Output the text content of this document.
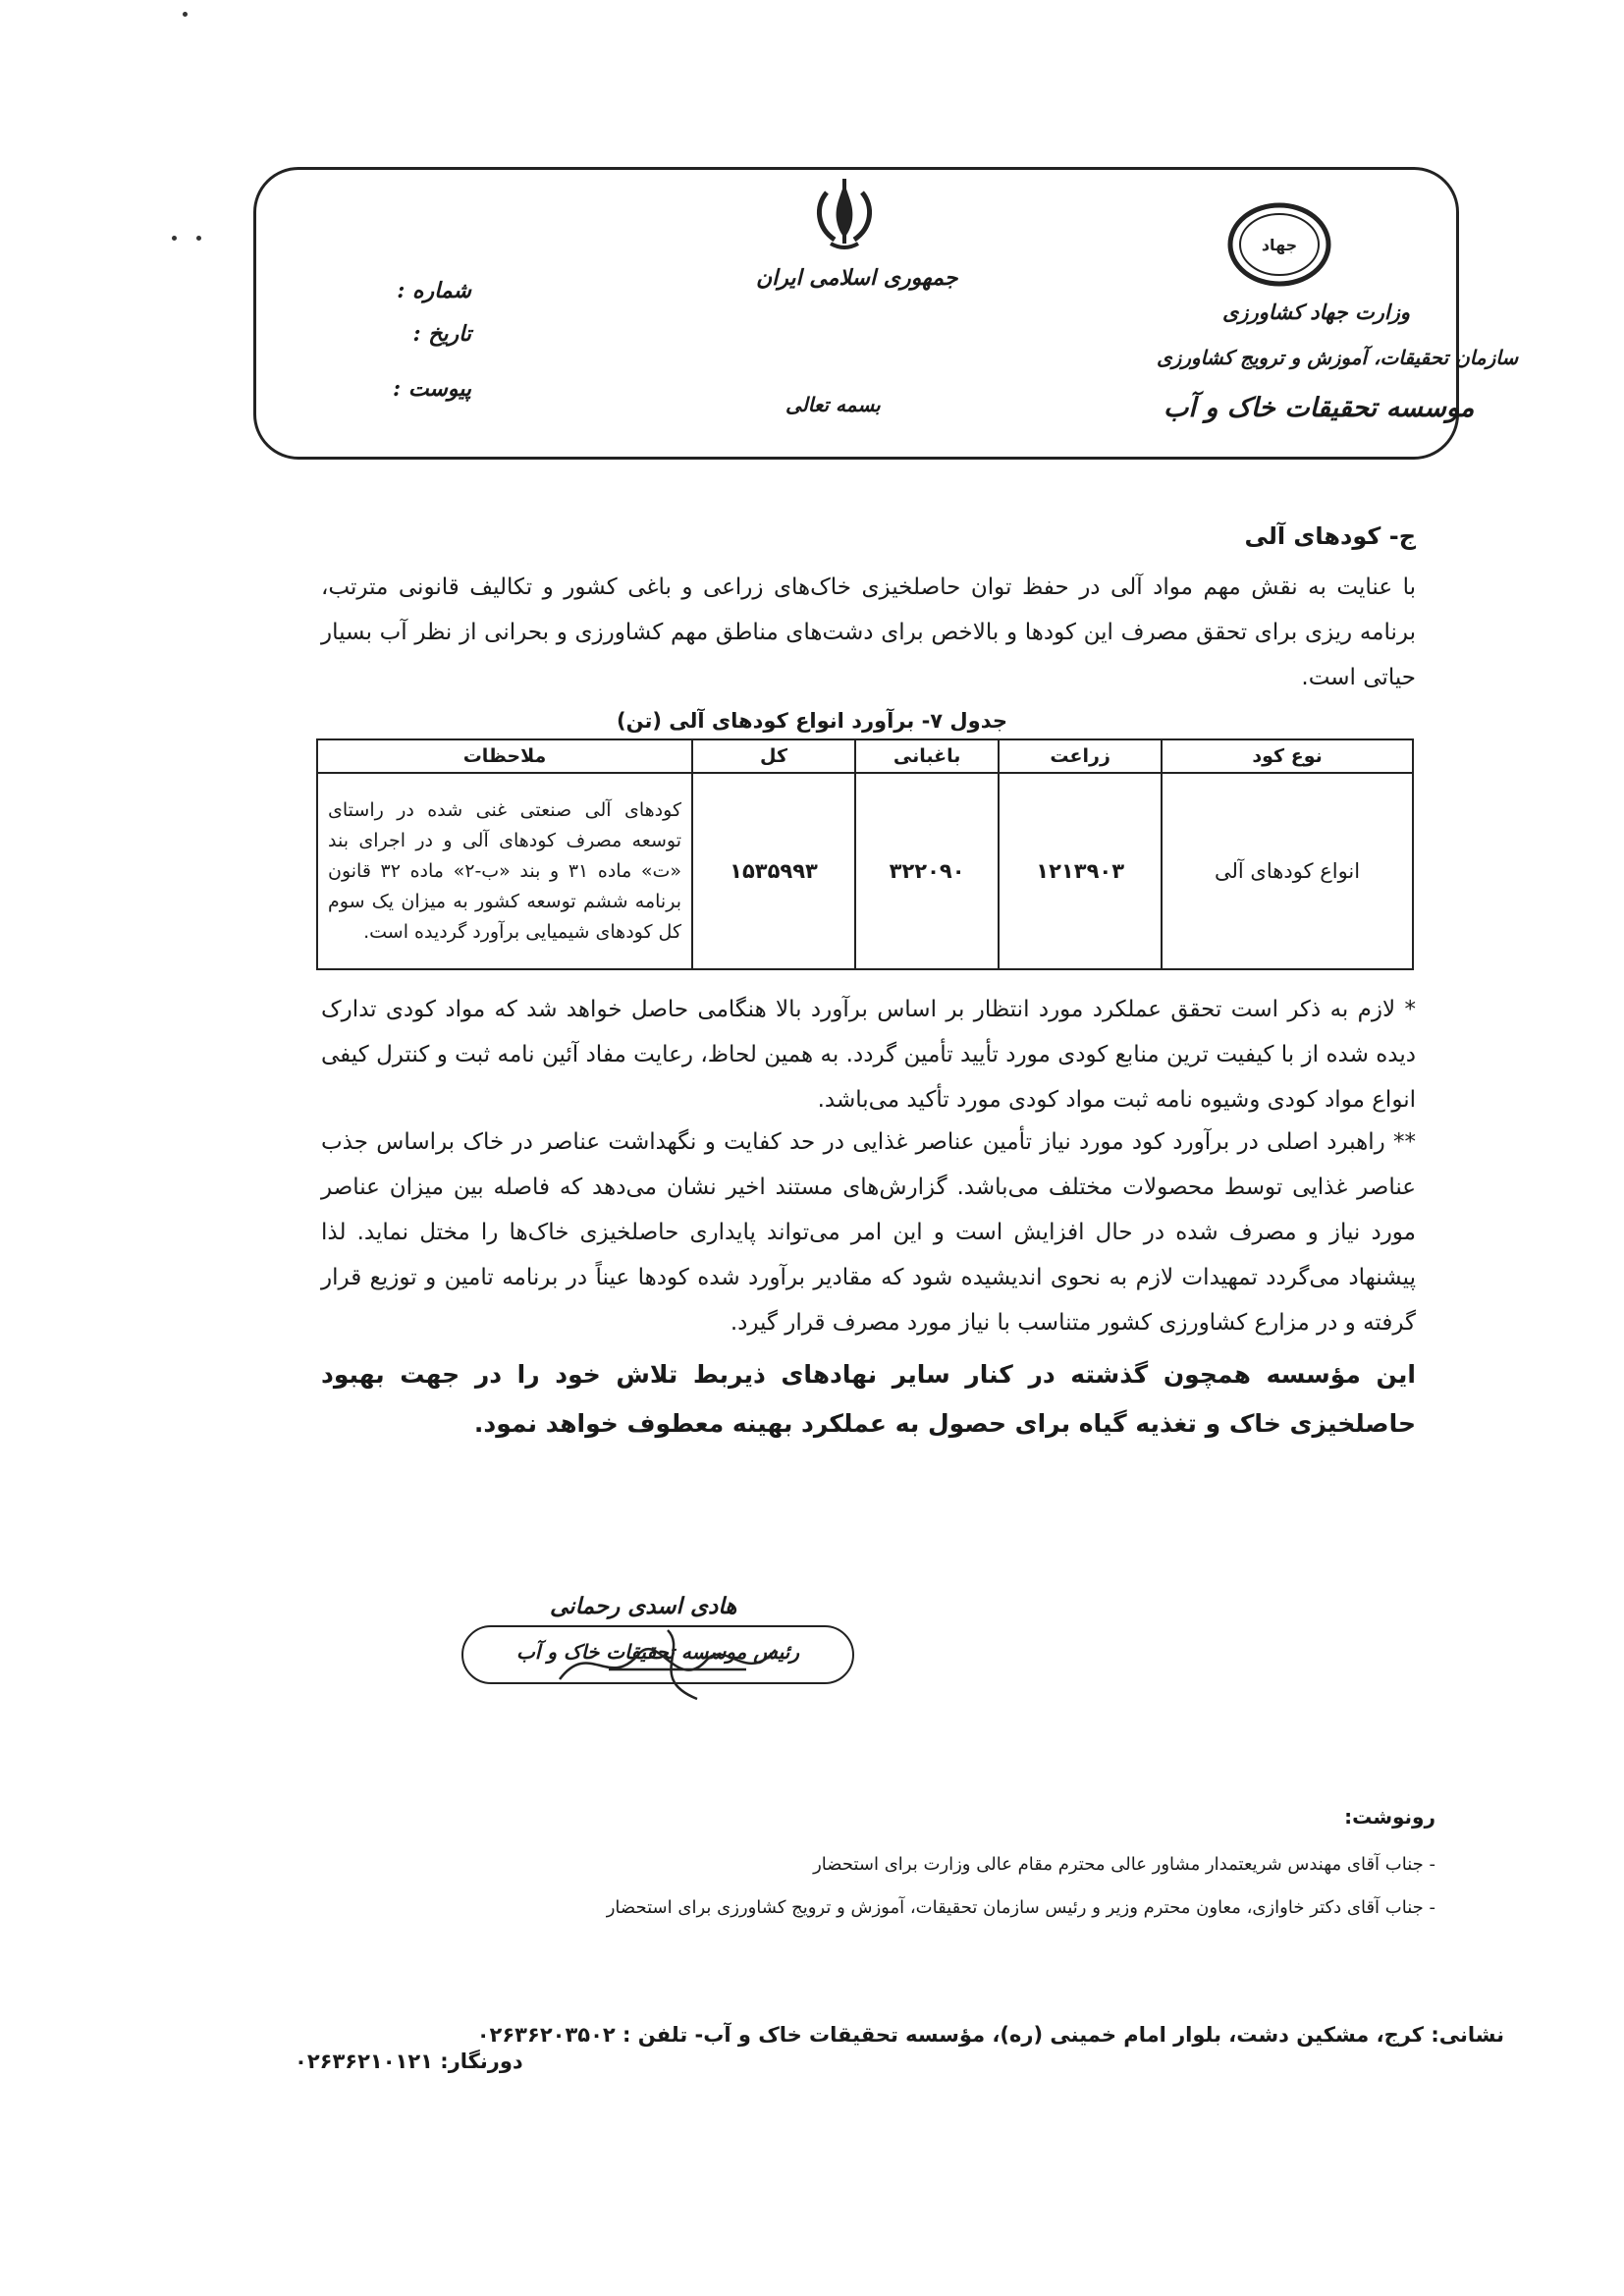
جهاد
جمهوری اسلامی ایران
بسمه تعالی
وزارت جهاد کشاورزی
سازمان تحقیقات، آموزش و ترویج کشاورزی
موسسه تحقیقات خاک و آب
شماره :
تاریخ :
پیوست :
ج- کودهای آلی
با عنایت به نقش مهم مواد آلی در حفظ توان حاصلخیزی خاک‌های زراعی و باغی کشور و تکالیف قانونی مترتب، برنامه ریزی برای تحقق مصرف این کودها و بالاخص برای دشت‌های مناطق مهم کشاورزی و بحرانی از نظر آب بسیار حیاتی است.
جدول ۷- برآورد انواع کودهای آلی (تن)
نوع کود	زراعت	باغبانی	کل	ملاحظات
انواع کودهای آلی	۱۲۱۳۹۰۳	۳۲۲۰۹۰	۱۵۳۵۹۹۳	کودهای آلی صنعتی غنی شده در راستای توسعه مصرف کودهای آلی و در اجرای بند «ت» ماده ۳۱ و بند «ب-۲» ماده ۳۲ قانون برنامه ششم توسعه کشور به میزان یک سوم کل کودهای شیمیایی برآورد گردیده است.
* لازم به ذکر است تحقق عملکرد مورد انتظار بر اساس برآورد بالا هنگامی حاصل خواهد شد که مواد کودی تدارک دیده شده از با کیفیت ترین منابع کودی مورد تأیید تأمین گردد. به همین لحاظ، رعایت مفاد آئین نامه ثبت و کنترل کیفی انواع مواد کودی وشیوه نامه ثبت مواد کودی مورد تأکید می‌باشد.
** راهبرد اصلی در برآورد کود مورد نیاز تأمین عناصر غذایی در حد کفایت و نگهداشت عناصر در خاک براساس جذب عناصر غذایی توسط محصولات مختلف می‌باشد. گزارش‌های مستند اخیر نشان می‌دهد که فاصله بین میزان عناصر مورد نیاز و مصرف شده در حال افزایش است و این امر می‌تواند پایداری حاصلخیزی خاک‌ها را مختل نماید. لذا پیشنهاد می‌گردد تمهیدات لازم به نحوی اندیشیده شود که مقادیر برآورد شده کودها عیناً در برنامه تامین و توزیع قرار گرفته و در مزارع کشاورزی کشور متناسب با نیاز مورد مصرف قرار گیرد.
این مؤسسه همچون گذشته در کنار سایر نهادهای ذیربط تلاش خود را در جهت بهبود حاصلخیزی خاک و تغذیه گیاه برای حصول به عملکرد بهینه معطوف خواهد نمود.
هادی اسدی رحمانی
رئیس موسسه تحقیقات خاک و آب
رونوشت:
- جناب آقای مهندس شریعتمدار مشاور عالی محترم مقام عالی وزارت برای استحضار
- جناب آقای دکتر خاوازی، معاون محترم وزیر و رئیس سازمان تحقیقات، آموزش و ترویج کشاورزی برای استحضار
نشانی: کرج، مشکین دشت، بلوار امام خمینی (ره)، مؤسسه تحقیقات خاک و آب- تلفن : ۰۲۶۳۶۲۰۳۵۰۲
دورنگار: ۰۲۶۳۶۲۱۰۱۲۱
